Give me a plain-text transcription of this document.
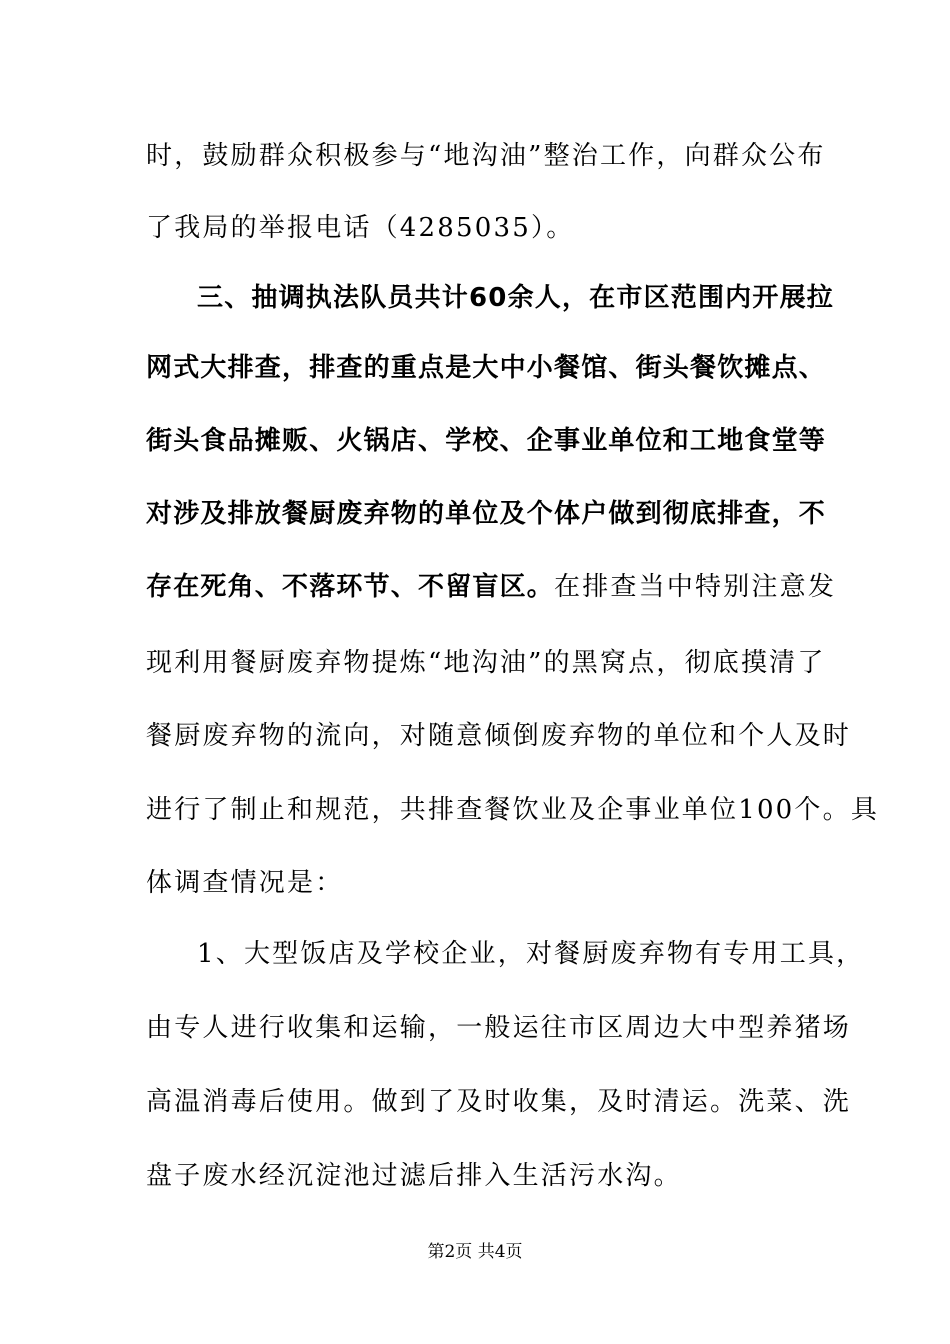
时，鼓励群众积极参与“地沟油”整治工作，向群众公布
了我局的举报电话（4285035）。
三、抽调执法队员共计60余人，在市区范围内开展拉
网式大排查，排查的重点是大中小餐馆、街头餐饮摊点、
街头食品摊贩、火锅店、学校、企事业单位和工地食堂等
对涉及排放餐厨废弃物的单位及个体户做到彻底排查，不
存在死角、不落环节、不留盲区。在排查当中特别注意发
现利用餐厨废弃物提炼“地沟油”的黑窝点，彻底摸清了
餐厨废弃物的流向，对随意倾倒废弃物的单位和个人及时
进行了制止和规范，共排查餐饮业及企事业单位100个。具
体调查情况是：
1、大型饭店及学校企业，对餐厨废弃物有专用工具，
由专人进行收集和运输，一般运往市区周边大中型养猪场
高温消毒后使用。做到了及时收集，及时清运。洗菜、洗
盘子废水经沉淀池过滤后排入生活污水沟。
第2页 共4页
